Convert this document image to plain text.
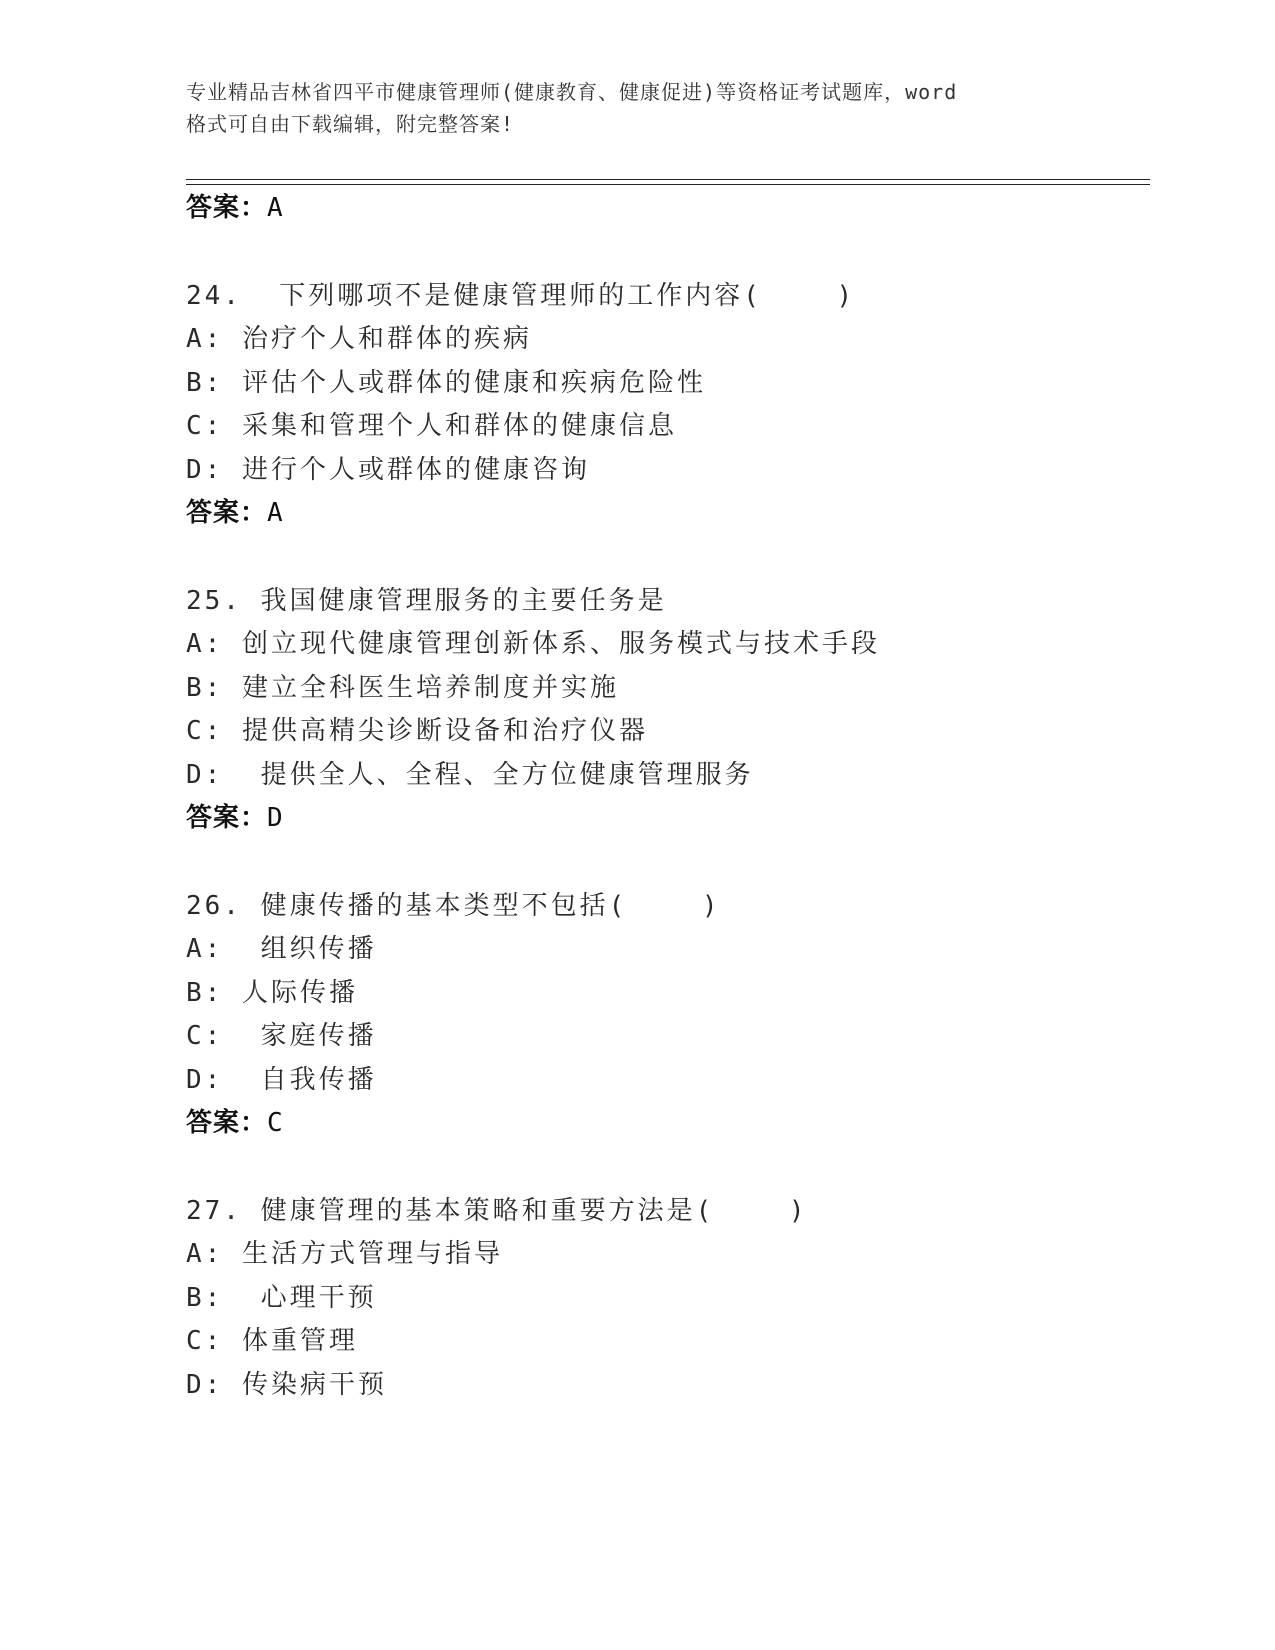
专业精品吉林省四平市健康管理师(健康教育、健康促进)等资格证考试题库，word
格式可自由下载编辑，附完整答案!
答案：A
24.  下列哪项不是健康管理师的工作内容(    )
A: 治疗个人和群体的疾病
B: 评估个人或群体的健康和疾病危险性
C: 采集和管理个人和群体的健康信息
D: 进行个人或群体的健康咨询
答案：A
25. 我国健康管理服务的主要任务是
A: 创立现代健康管理创新体系、服务模式与技术手段
B: 建立全科医生培养制度并实施
C: 提供高精尖诊断设备和治疗仪器
D:  提供全人、全程、全方位健康管理服务
答案：D
26. 健康传播的基本类型不包括(    )
A:  组织传播
B: 人际传播
C:  家庭传播
D:  自我传播
答案：C
27. 健康管理的基本策略和重要方法是(    )
A: 生活方式管理与指导
B:  心理干预
C: 体重管理
D: 传染病干预
